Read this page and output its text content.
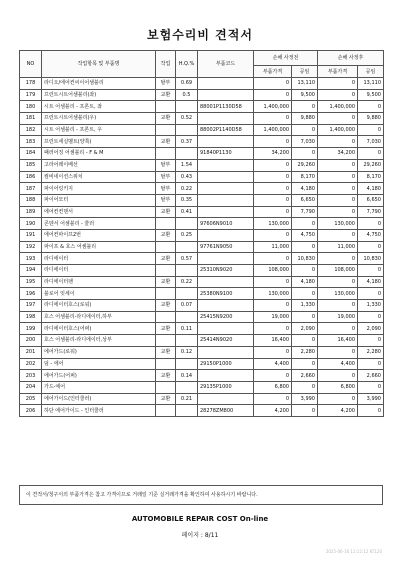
보험수리비 견적서
NO	작업항목 및 부품명	작업	H.Q.%	부품코드	손해 사정전		손해 사정후	
					부품가격	공임	부품가격	공임
178	라디오/에어컨씨이어셈블리	탈부	0.69		0	13,110	0	13,110
179	프런트시트어셈블리(좌)	교환	0.5		0	9,500	0	9,500
180	시트 어셈블리 - 프론트, 좌			88001P1130D58	1,400,000	0	1,400,000	0
181	프런트시트어셈블리(우)	교환	0.52		0	9,880	0	9,880
182	시트 어셈블리 - 프론트, 우			88002P1140D58	1,400,000	0	1,400,000	0
183	프런트세실벨트(양쪽)	교환	0.37		0	7,030	0	7,030
184	패러어징 어셈블리 - F & M			91840P1130	34,200	0	34,200	0
185	고라어레이베선	탈부	1.54		0	29,260	0	29,260
186	컴비네이션스위치	탈부	0.43		0	8,170	0	8,170
187	파이어링키지	탈부	0.22		0	4,180	0	4,180
188	파이어모터	탈부	0.35		0	6,650	0	6,650
189	에어컨컨덴서	교환	0.41		0	7,790	0	7,790
190	콘덴서 어셈블리 - 쿨러			97606N9010	130,000	0	130,000	0
191	에어컨파이프2번	교환	0.25		0	4,750	0	4,750
192	파이프 & 호스 어셈블리			97761N9050	11,000	0	11,000	0
193	라디에이터	교환	0.57		0	10,830	0	10,830
194	라디에이터			25310N9020	108,000	0	108,000	0
195	라디에이터팬	교환	0.22		0	4,180	0	4,180
196	블로어 잇세이			25380N9100	130,000	0	130,000	0
197	라디에이터호스(로워)	교환	0.07		0	1,330	0	1,330
198	호스 어셈블리-라디에이터,하부			25415N9200	19,000	0	19,000	0
199	라디에이터호스(어퍼)	교환	0.11		0	2,090	0	2,090
200	호스 어셈블리-라디에이터,상부			25414N9020	16,400	0	16,400	0
201	에어가드(로워)	교환	0.12		0	2,280	0	2,280
202	덤 - 에어			29150P1000	4,400	0	4,400	0
203	에어가드(어퍼)	교환	0.14		0	2,660	0	2,660
204	가드-에어			29135P1000	6,800	0	6,800	0
205	에어가이드(인터쿨러)	교환	0.21		0	3,990	0	3,990
206	하단 에어가이드 - 인터쿨러			28278ZM800	4,200	0	4,200	0
이 견적서/청구서의 부품가격은 참고 가격이므로 거래일 기준 실거래가격을 확인하여 사용하시기 바랍니다.
AUTOMOBILE REPAIR COST On-line
페이지 : 8/11
2025-06-16 11:12:12 KT120
